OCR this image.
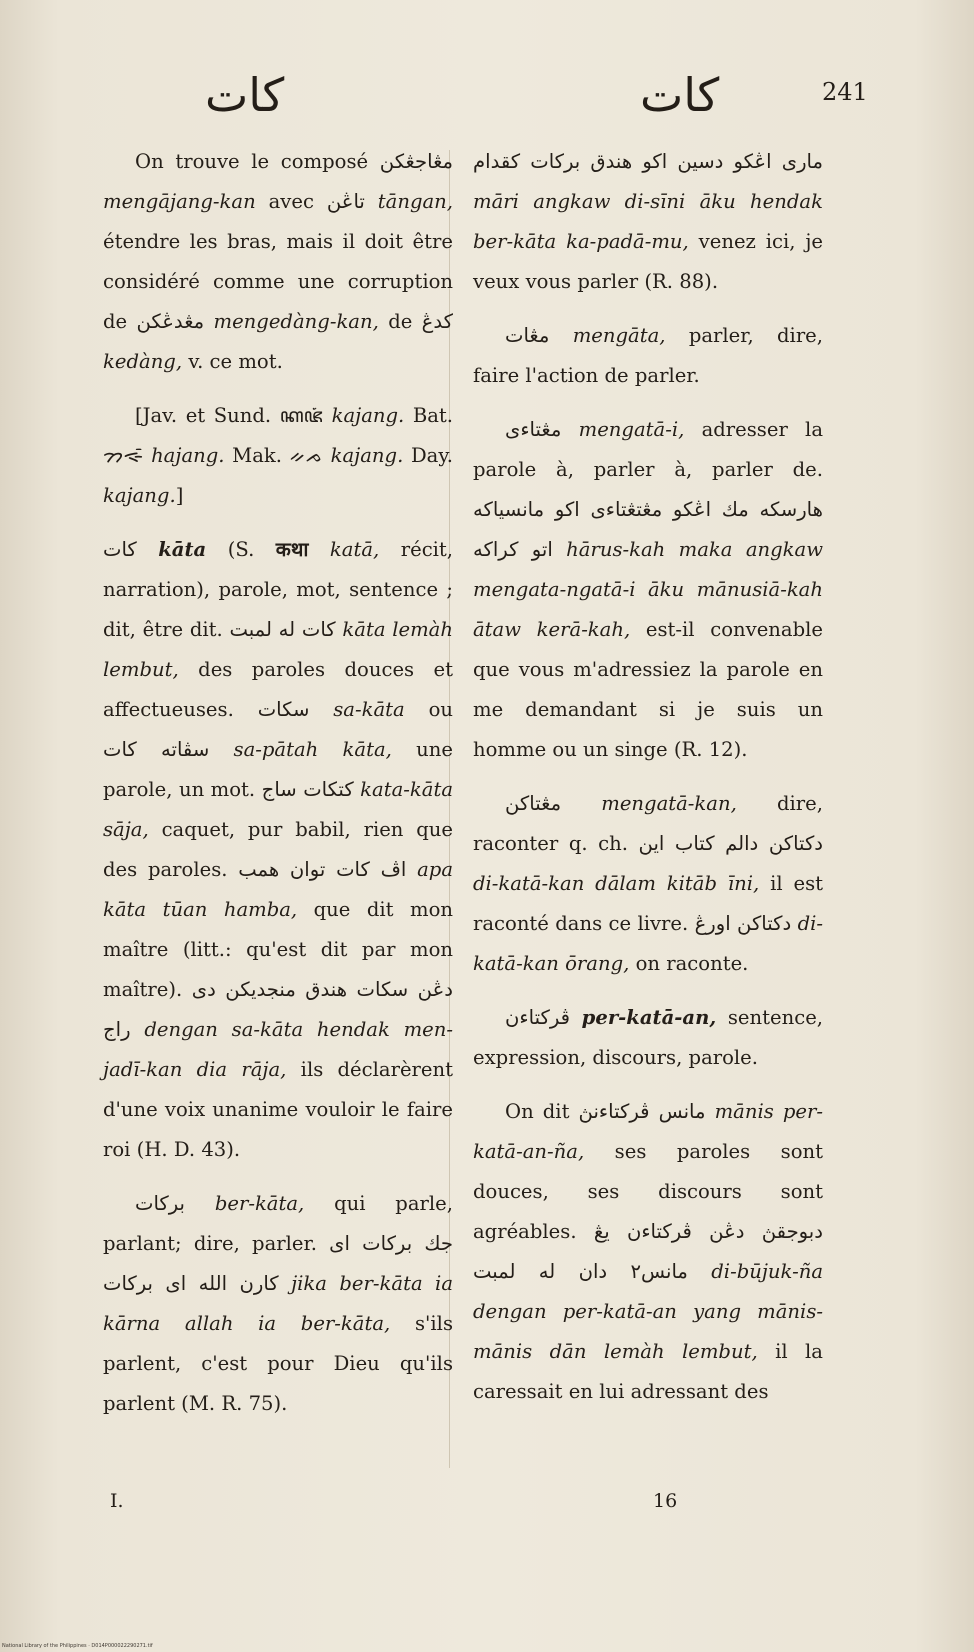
كات	كات	241

On trouve le composé مڠاجڠكن mengājang-kan avec تاڠن tāngan, étendre les bras, mais il doit être considéré comme une corruption de مڠدڠكن mengedàng-kan, de كدڠ kedàng, v. ce mot.

[Jav. et Sund. ꦏꦗꦁ kajang. Bat. ᯂᯐᯰ hajang. Mak. ᨀᨍ kajang. Day. kajang.]

كات kāta (S. कथा katā, récit, narration), parole, mot, sentence ; dit, être dit. كات له لمبت kāta lemàh lembut, des paroles douces et affectueuses. سكات sa-kāta ou سڤاته كات sa-pātah kāta, une parole, un mot. كتكات ساج kata-kāta sāja, caquet, pur babil, rien que des paroles. اڤ كات توان همب apa kāta tūan hamba, que dit mon maître (litt.: qu'est dit par mon maître). دڠن سكات هندق منجديكن دى راج dengan sa-kāta hendak men-jadī-kan dia rāja, ils déclarèrent d'une voix unanime vouloir le faire roi (H. D. 43).

بركات ber-kāta, qui parle, parlant; dire, parler. جك بركات اى كارن الله اى بركات jika ber-kāta ia kārna allah ia ber-kāta, s'ils parlent, c'est pour Dieu qu'ils parlent (M. R. 75).

مارى اڠكو دسين اكو هندق بركات كقدام māri angkaw di-sīni āku hendak ber-kāta ka-padā-mu, venez ici, je veux vous parler (R. 88).

مڠات mengāta, parler, dire, faire l'action de parler.

مڠتاءى mengatā-i, adresser la parole à, parler à, parler de. هارسكه مك اڠكو مڠتڠتاءى اكو مانسياكه اتو كراكه hārus-kah maka angkaw mengata-ngatā-i āku mānusiā-kah ātaw kerā-kah, est-il convenable que vous m'adressiez la parole en me demandant si je suis un homme ou un singe (R. 12).

مڠتاكن mengatā-kan, dire, raconter q. ch. دكتاكن دالم كتاب اين di-katā-kan dālam kitāb īni, il est raconté dans ce livre. دكتاكن اورڠ di-katā-kan ōrang, on raconte.

ڤركتاءن per-katā-an, sentence, expression, discours, parole.

On dit مانس ڤركتاءنڽ mānis per-katā-an-ña, ses paroles sont douces, ses discours sont agréables. دبوجقڽ دڠن ڤركتاءن يڠ مانس٢ دان له لمبت di-būjuk-ña dengan per-katā-an yang mānis-mānis dān lemàh lembut, il la caressait en lui adressant des

I.	16
National Library of the Philippines · D014P000022290271.tif
